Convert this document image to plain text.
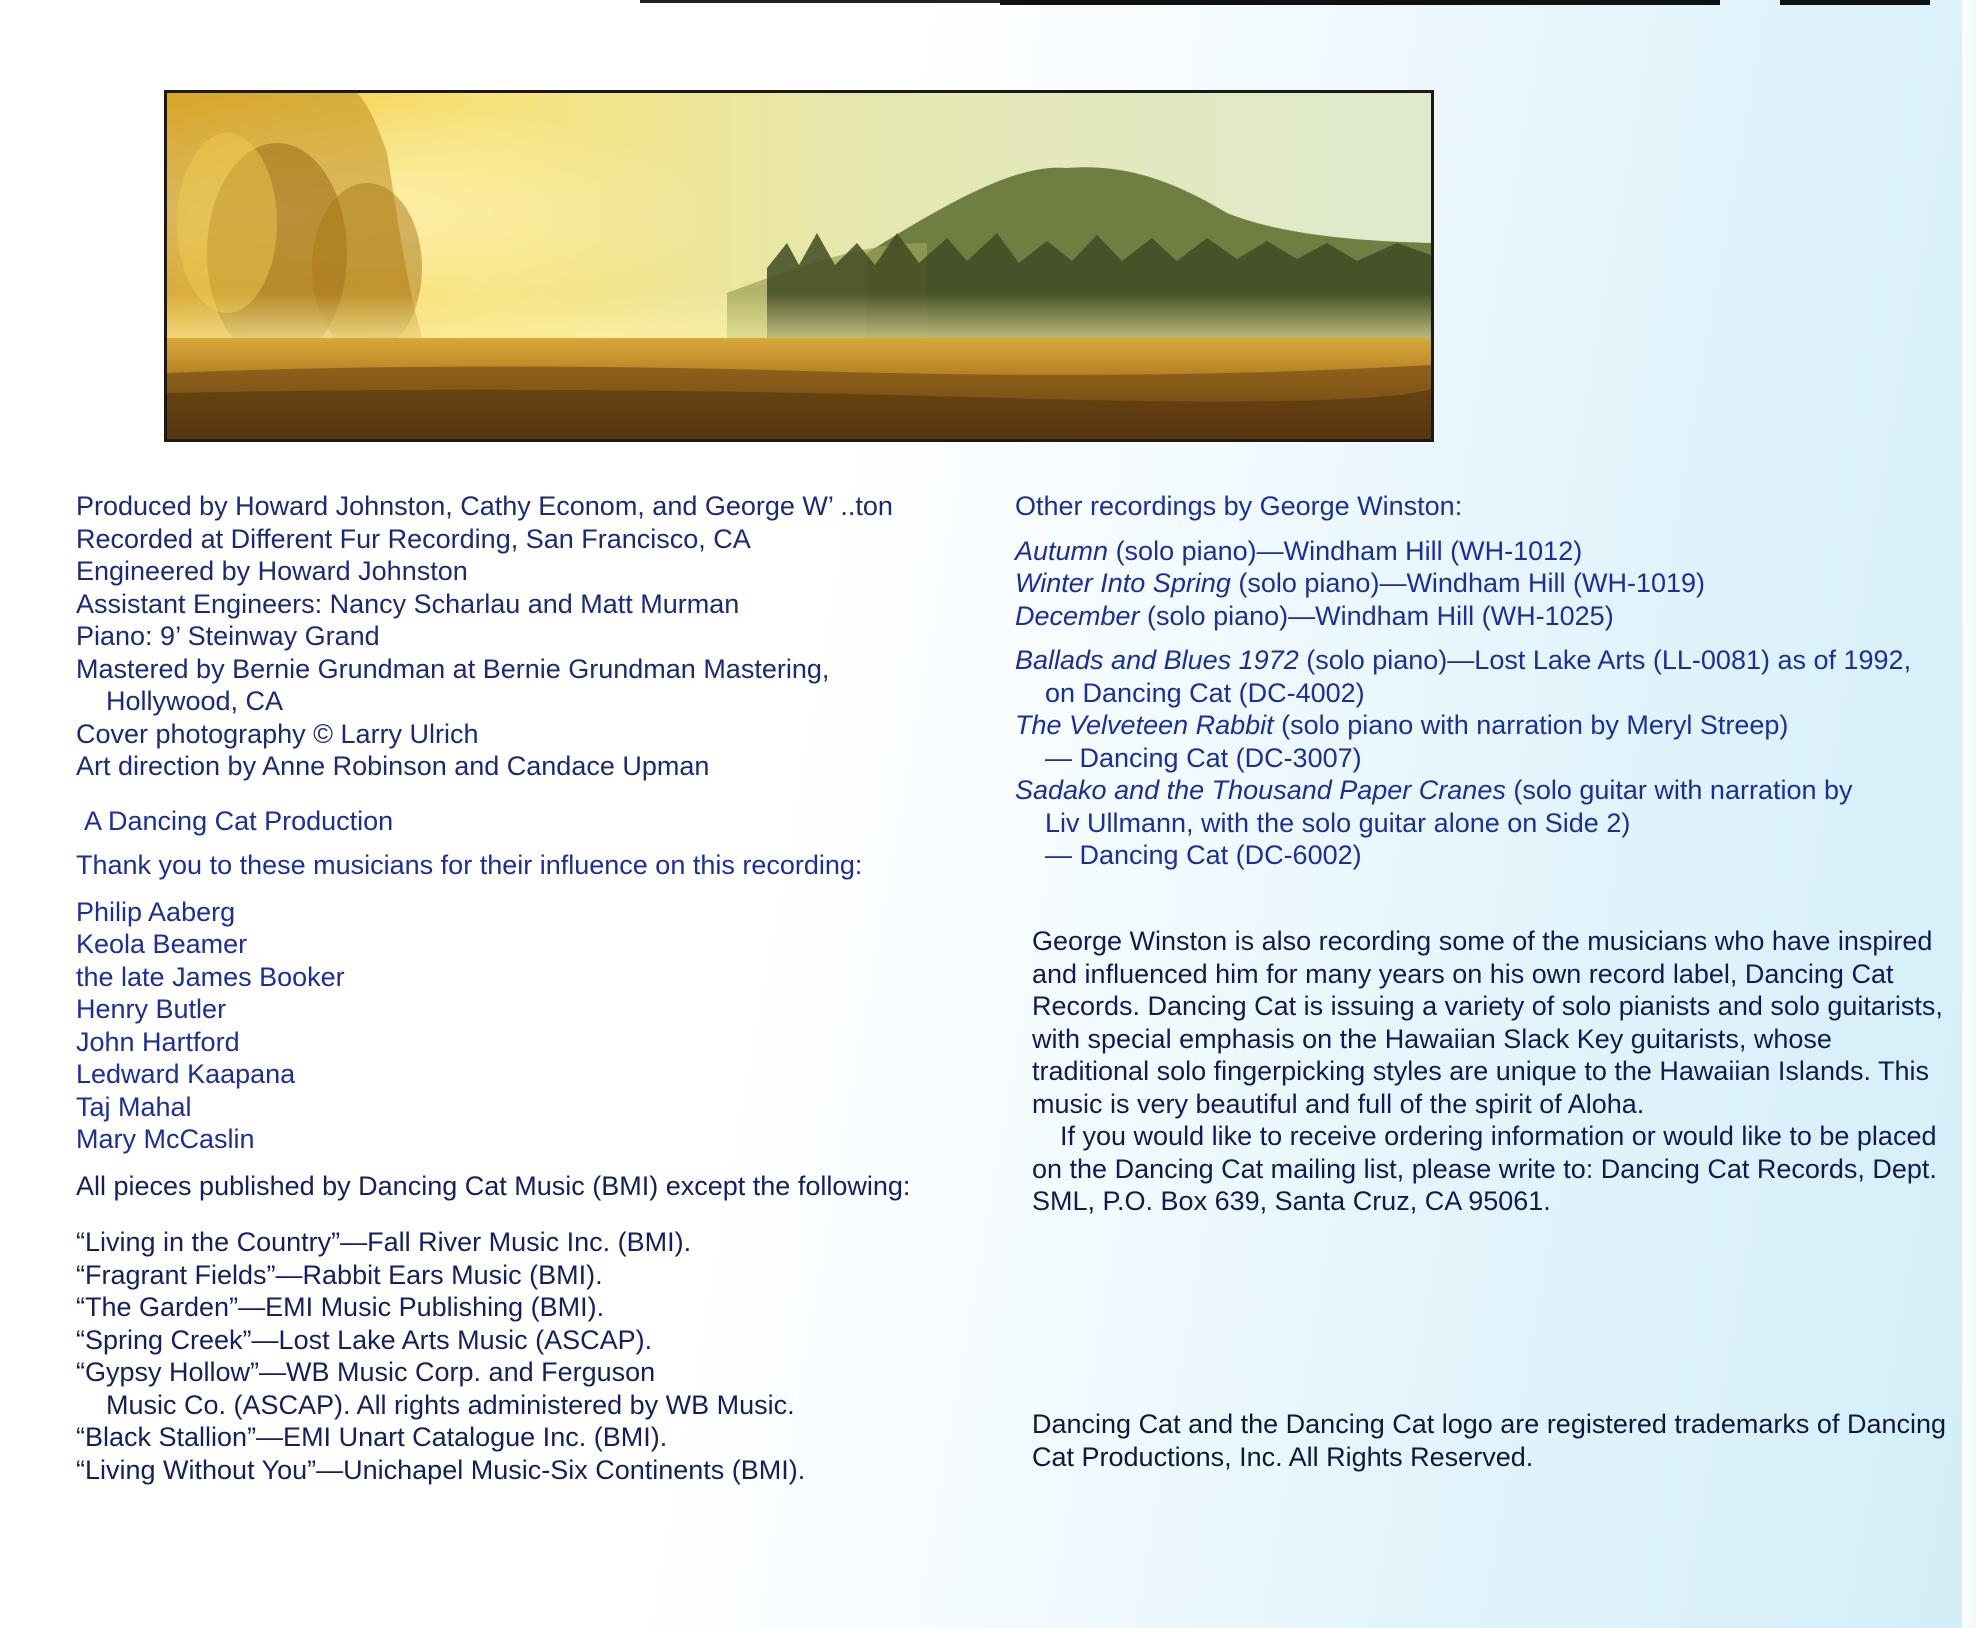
Produced by Howard Johnston, Cathy Econom, and George W’ ..ton
Recorded at Different Fur Recording, San Francisco, CA
Engineered by Howard Johnston
Assistant Engineers: Nancy Scharlau and Matt Murman
Piano: 9’ Steinway Grand
Mastered by Bernie Grundman at Bernie Grundman Mastering,
Hollywood, CA
Cover photography © Larry Ulrich
Art direction by Anne Robinson and Candace Upman
A Dancing Cat Production
Thank you to these musicians for their influence on this recording:
Philip Aaberg
Keola Beamer
the late James Booker
Henry Butler
John Hartford
Ledward Kaapana
Taj Mahal
Mary McCaslin
All pieces published by Dancing Cat Music (BMI) except the following:
“Living in the Country”—Fall River Music Inc. (BMI).
“Fragrant Fields”—Rabbit Ears Music (BMI).
“The Garden”—EMI Music Publishing (BMI).
“Spring Creek”—Lost Lake Arts Music (ASCAP).
“Gypsy Hollow”—WB Music Corp. and Ferguson
Music Co. (ASCAP). All rights administered by WB Music.
“Black Stallion”—EMI Unart Catalogue Inc. (BMI).
“Living Without You”—Unichapel Music-Six Continents (BMI).
Other recordings by George Winston:
Autumn (solo piano)—Windham Hill (WH-1012)
Winter Into Spring (solo piano)—Windham Hill (WH-1019)
December (solo piano)—Windham Hill (WH-1025)
Ballads and Blues 1972 (solo piano)—Lost Lake Arts (LL-0081) as of 1992,
on Dancing Cat (DC-4002)
The Velveteen Rabbit (solo piano with narration by Meryl Streep)
— Dancing Cat (DC-3007)
Sadako and the Thousand Paper Cranes (solo guitar with narration by
Liv Ullmann, with the solo guitar alone on Side 2)
— Dancing Cat (DC-6002)

George Winston is also recording some of the musicians who have inspired and influenced him for many years on his own record label, Dancing Cat Records. Dancing Cat is issuing a variety of solo pianists and solo guitarists, with special emphasis on the Hawaiian Slack Key guitarists, whose traditional solo fingerpicking styles are unique to the Hawaiian Islands. This music is very beautiful and full of the spirit of Aloha.

If you would like to receive ordering information or would like to be placed on the Dancing Cat mailing list, please write to: Dancing Cat Records, Dept. SML, P.O. Box 639, Santa Cruz, CA 95061.

Dancing Cat and the Dancing Cat logo are registered trademarks of Dancing Cat Productions, Inc. All Rights Reserved.
